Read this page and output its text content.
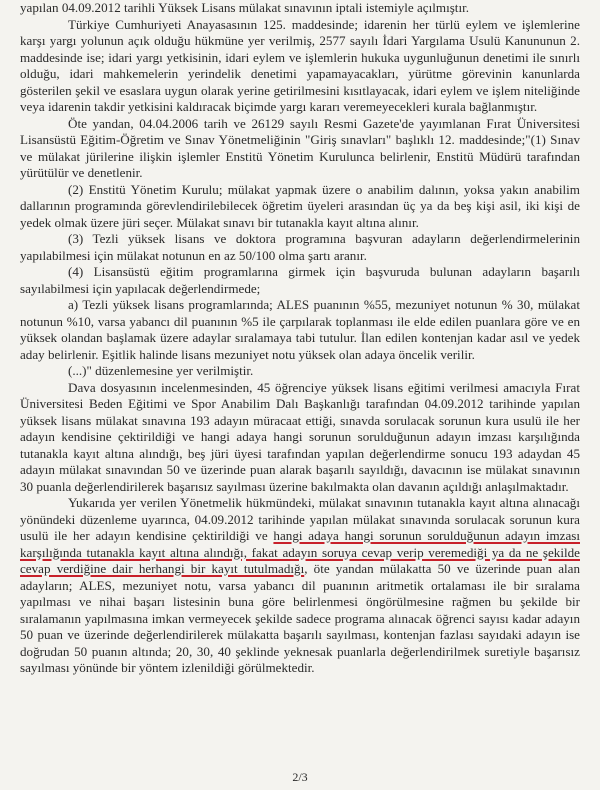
yapılan 04.09.2012 tarihli Yüksek Lisans mülakat sınavının iptali istemiyle açılmıştır.

Türkiye Cumhuriyeti Anayasasının 125. maddesinde; idarenin her türlü eylem ve işlemlerine karşı yargı yolunun açık olduğu hükmüne yer verilmiş, 2577 sayılı İdari Yargılama Usulü Kanununun 2. maddesinde ise; idari yargı yetkisinin, idari eylem ve işlemlerin hukuka uygunluğunun denetimi ile sınırlı olduğu, idari mahkemelerin yerindelik denetimi yapamayacakları, yürütme görevinin kanunlarda gösterilen şekil ve esaslara uygun olarak yerine getirilmesini kısıtlayacak, idari eylem ve işlem niteliğinde veya idarenin takdir yetkisini kaldıracak biçimde yargı kararı veremeyecekleri kurala bağlanmıştır.

Öte yandan, 04.04.2006 tarih ve 26129 sayılı Resmi Gazete'de yayımlanan Fırat Üniversitesi Lisansüstü Eğitim-Öğretim ve Sınav Yönetmeliğinin "Giriş sınavları" başlıklı 12. maddesinde;"(1) Sınav ve mülakat jürilerine ilişkin işlemler Enstitü Yönetim Kurulunca belirlenir, Enstitü Müdürü tarafından yürütülür ve denetlenir.

(2) Enstitü Yönetim Kurulu; mülakat yapmak üzere o anabilim dalının, yoksa yakın anabilim dallarının programında görevlendirilebilecek öğretim üyeleri arasından üç ya da beş kişi asil, iki kişi de yedek olmak üzere jüri seçer. Mülakat sınavı bir tutanakla kayıt altına alınır.

(3) Tezli yüksek lisans ve doktora programına başvuran adayların değerlendirmelerinin yapılabilmesi için mülakat notunun en az 50/100 olma şartı aranır.

(4) Lisansüstü eğitim programlarına girmek için başvuruda bulunan adayların başarılı sayılabilmesi için yapılacak değerlendirmede;

a) Tezli yüksek lisans programlarında; ALES puanının %55, mezuniyet notunun % 30, mülakat notunun %10, varsa yabancı dil puanının %5 ile çarpılarak toplanması ile elde edilen puanlara göre ve en yüksek olandan başlamak üzere adaylar sıralamaya tabi tutulur. İlan edilen kontenjan kadar asıl ve yedek aday belirlenir. Eşitlik halinde lisans mezuniyet notu yüksek olan adaya öncelik verilir.

(...)" düzenlemesine yer verilmiştir.

Dava dosyasının incelenmesinden, 45 öğrenciye yüksek lisans eğitimi verilmesi amacıyla Fırat Üniversitesi Beden Eğitimi ve Spor Anabilim Dalı Başkanlığı tarafından 04.09.2012 tarihinde yapılan yüksek lisans mülakat sınavına 193 adayın müracaat ettiği, sınavda sorulacak sorunun kura usulü ile her adayın kendisine çektirildiği ve hangi adaya hangi sorunun sorulduğunun adayın imzası karşılığında tutanakla kayıt altına alındığı, beş jüri üyesi tarafından yapılan değerlendirme sonucu 193 adaydan 45 adayın mülakat sınavından 50 ve üzerinde puan alarak başarılı sayıldığı, davacının ise mülakat sınavının 30 puanla değerlendirilerek başarısız sayılması üzerine bakılmakta olan davanın açıldığı anlaşılmaktadır.

Yukarıda yer verilen Yönetmelik hükmündeki, mülakat sınavının tutanakla kayıt altına alınacağı yönündeki düzenleme uyarınca, 04.09.2012 tarihinde yapılan mülakat sınavında sorulacak sorunun kura usulü ile her adayın kendisine çektirildiği ve hangi adaya hangi sorunun sorulduğunun adayın imzası karşılığında tutanakla kayıt altına alındığı, fakat adayın soruya cevap verip veremediği ya da ne şekilde cevap verdiğine dair herhangi bir kayıt tutulmadığı, öte yandan mülakatta 50 ve üzerinde puan alan adayların; ALES, mezuniyet notu, varsa yabancı dil puanının aritmetik ortalaması ile bir sıralama yapılması ve nihai başarı listesinin buna göre belirlenmesi öngörülmesine rağmen bu şekilde bir sıralamanın yapılmasına imkan vermeyecek şekilde sadece programa alınacak öğrenci sayısı kadar adayın 50 puan ve üzerinde değerlendirilerek mülakatta başarılı sayılması, kontenjan fazlası sayıdaki adayın ise doğrudan 50 puanın altında; 20, 30, 40 şeklinde yeknesak puanlarla değerlendirilmek suretiyle başarısız sayılması yönünde bir yöntem izlenildiği görülmektedir.

2/3
